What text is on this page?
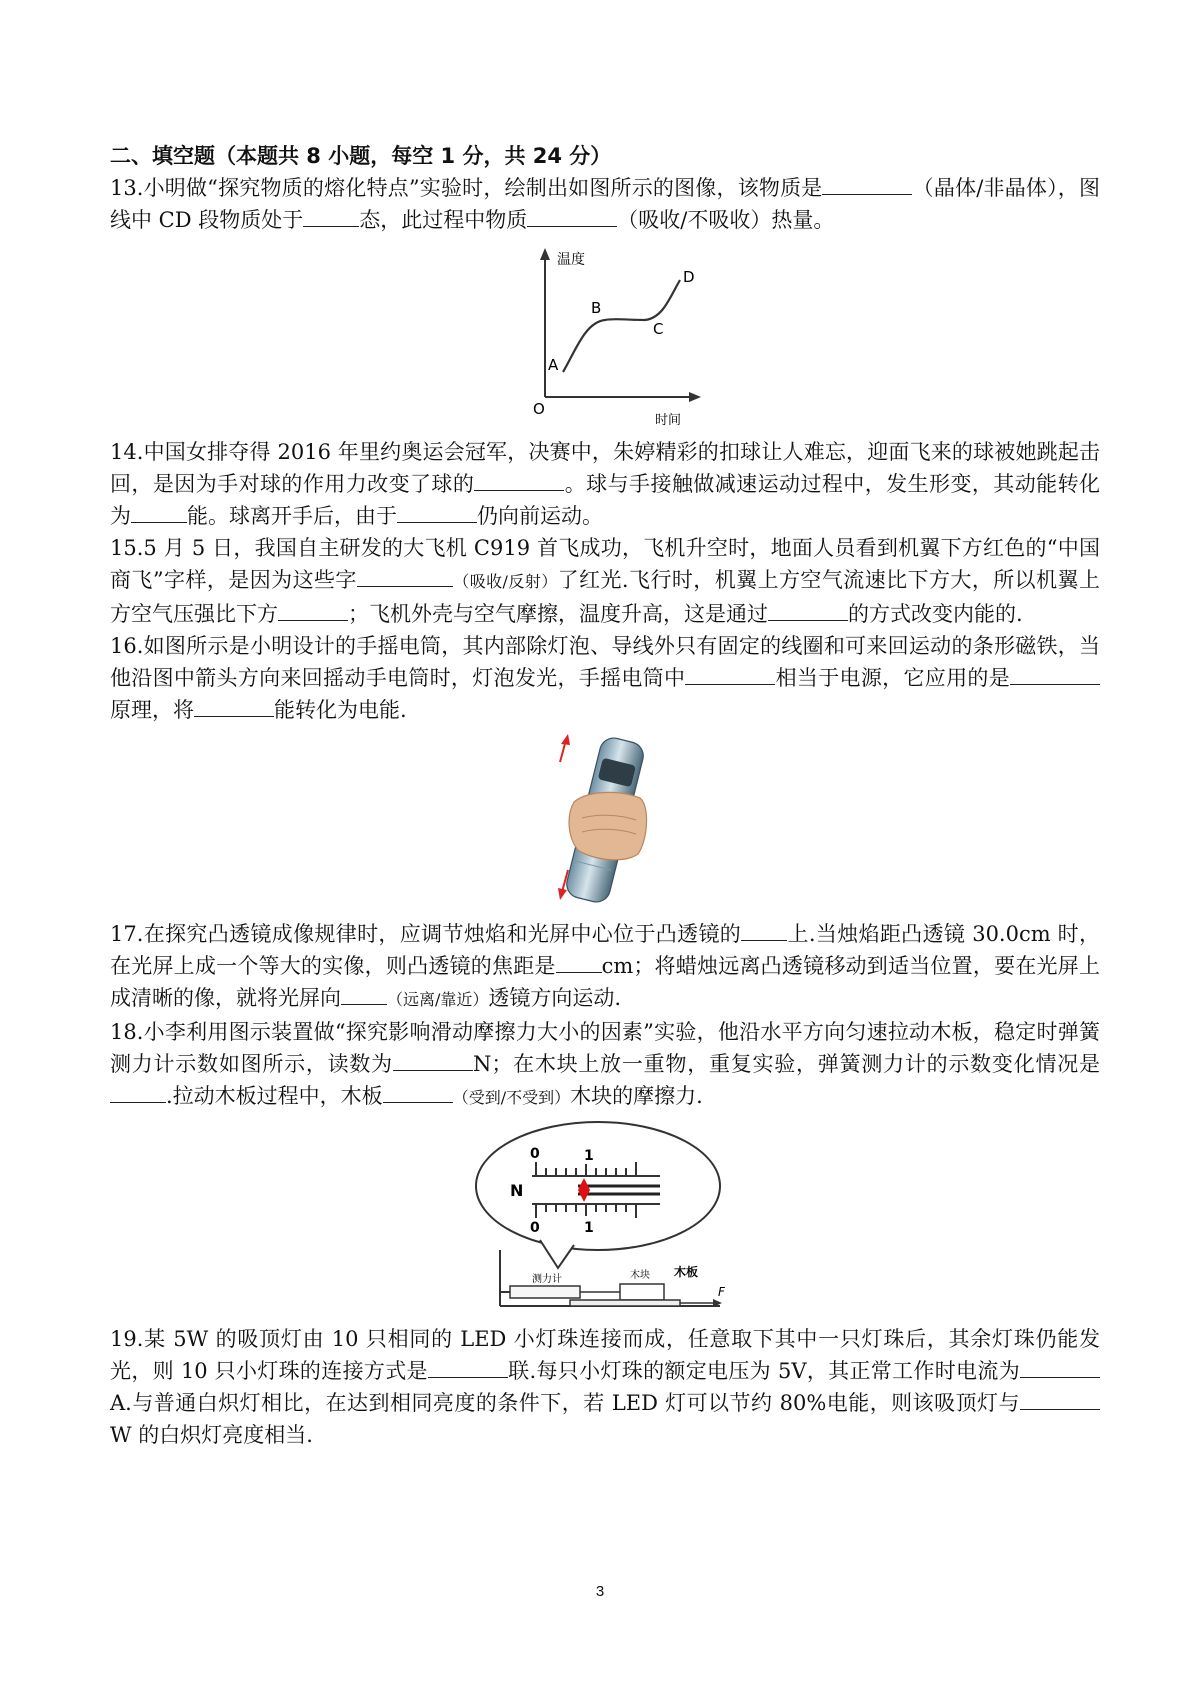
二、填空题（本题共 8 小题，每空 1 分，共 24 分）

13.小明做“探究物质的熔化特点”实验时，绘制出如图所示的图像，该物质是	（晶体/非晶体），图线中 CD 段物质处于	态，此过程中物质	（吸收/不吸收）热量。

温度
时间
O
A
B
C
D

14.中国女排夺得 2016 年里约奥运会冠军，决赛中，朱婷精彩的扣球让人难忘，迎面飞来的球被她跳起击回，是因为手对球的作用力改变了球的	。球与手接触做减速运动过程中，发生形变，其动能转化为	能。球离开手后，由于	仍向前运动。

15.5 月 5 日，我国自主研发的大飞机 C919 首飞成功，飞机升空时，地面人员看到机翼下方红色的“中国商飞”字样，是因为这些字	（吸收/反射）了红光.飞行时，机翼上方空气流速比下方大，所以机翼上方空气压强比下方	；飞机外壳与空气摩擦，温度升高，这是通过	的方式改变内能的.

16.如图所示是小明设计的手摇电筒，其内部除灯泡、导线外只有固定的线圈和可来回运动的条形磁铁，当他沿图中箭头方向来回摇动手电筒时，灯泡发光，手摇电筒中	相当于电源，它应用的是原理，将	能转化为电能.

17.在探究凸透镜成像规律时，应调节烛焰和光屏中心位于凸透镜的 上.当烛焰距凸透镜 30.0cm 时，在光屏上成一个等大的实像，则凸透镜的焦距是 cm；将蜡烛远离凸透镜移动到适当位置，要在光屏上成清晰的像，就将光屏向	（远离/靠近）透镜方向运动.

18.小李利用图示装置做“探究影响滑动摩擦力大小的因素”实验，他沿水平方向匀速拉动木板，稳定时弹簧测力计示数如图所示，读数为	N；在木块上放一重物，重复实验，弹簧测力计的示数变化情况是.拉动木板过程中，木板	（受到/不受到）木块的摩擦力.

0	1
N
0	1
测力计	木块 木板
F

19.某 5W 的吸顶灯由 10 只相同的 LED 小灯珠连接而成，任意取下其中一只灯珠后，其余灯珠仍能发光，则 10 只小灯珠的连接方式是	联.每只小灯珠的额定电压为 5V，其正常工作时电流为A.与普通白炽灯相比，在达到相同亮度的条件下，若 LED 灯可以节约 80%电能，则该吸顶灯与W 的白炽灯亮度相当.

3
